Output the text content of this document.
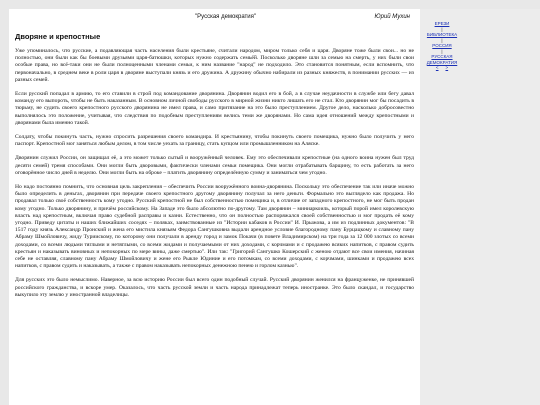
"Русская демократия"	Юрий Мухин
Дворяне и крепостные

Уже упоминалось, что русские, а подавляющая часть населения были крестьяне, считали народом, миром только себя и царя. Дворяне тоже были свои... но не полностью, они были как бы боевыми друзьями царя-батюшки, которых нужно содержать семьёй. Посколько дворяне шли за семью на смерть, у них были свои особые права, но всё-таки они не были полноценными членами семьи, к ним название "народ" не подходило. Это становится понятным, если вспомнить, что первоначально, в среднем веке в роли царя в дворяне выступали князь и его дружина. А дружину обычно набирали из разных княжеств, в понимании русских — из разных семей.

Если русский попадал в армию, то его ставили в строй под командование дворянина. Дворянин водил его в бой, а в случае неудачности в службе или бегу давал команду его выпороть, чтобы не быть наказанным. В основном личной свободы русского в мирной жизни никто лишать его не стал. Кто дворянин мог бы посадить в тюрьму, не судить своего крепостного русского дворянина не имел права, и само притязание на это было преступлением. Другое дело, насколько добросовестно выполнялось это положение, учитывая, что следствия по подобным преступлениям велись теми же дворянами. Но сама идея отношений между крепостными и дворянами была именно такой.

Солдату, чтобы покинуть часть, нужно спросить разрешения своего командира. И крестьянину, чтобы покинуть своего помещика, нужно было получить у него паспорт. Крепостной мог заняться любым делом, в том числе уехать за границу, стать купцом или промышленником на Аляске.

Дворянин служил России, он защищал её, а это может только сытый и вооружённый человек. Ему это обеспечивали крепостные (на одного воина нужен был труд десяти семей) тремя способами. Они могли быть дворовыми, фактически членами семьи помещика. Они могли отрабатывать барщину, то есть работать за него оговорённое число дней в неделю. Они могли быть на оброке – платить дворянину определённую сумму и заниматься чем угодно.

Но надо постоянно помнить, что основная цель закрепления – обеспечить России вооружённого воина-дворянина. Поскольку это обеспечение так или иначе можно было определить в деньгах, дворянин при передаче своего крепостного другому дворянину получал за него деньги. Формально это выглядело как продажа. Но продавал только своё собственность кому угодно. Русский крепостной не был собственностью помещика и, в отличие от западного крепостного, не мог быть продан кому угодно. Только дворянину, и причём российскому. На Западе это было абсолютно по-другому. Там дворянин – миниаркоиль, который порой имел королевскую власть над крепостным, включая право судебной расправы и казни. Естественно, что он полностью распоряжался своей собственностью и мог продать её кому угодно. Приведу цитаты и наших ближайших соседях – поляках, заимствованные из "Истории кабаков в России" И. Прыжова, а им из подлинных документов: "В 1517 году князь Александр Пронский и жена его мистила князьям Федора Сангушковна выдали арендное условие благородному пану Бурцацкому и славному пану Абраму Шмойловичу, жиду Туриискому, по которому они получали в аренду город и замок Покачи (в повете Владимирском) на три года за 12 000 злотых со всеми доходами, со всеми людьми тяглыми и нетяглыми, со всеми жидами и получаемыми от них доходами, с корчмами и с продажею всяких напитков, с правом судить крестьян и наказывать виновных и непокорных по мере вины, даже смертью". Или так: "Григорий Сангушко Кошерский с женою отдают все свои имения, начиная себе не оставляя, славному пану Абраму Шмойловичу и жене его Рыкле Юдиние и его потомкам, со всеми доходами, с корчмами, шинками и продажею всех напитков, с правом судить и наказывать, а также с правом наказывать непокорных денежною пенею и горлом казнью".

Для русских это было немыслимо. Наверное, за всю историю России был всего один подобный случай. Русский дворянин женился на француженке, не принявшей российского гражданства, и вскоре умер. Оказалось, что часть русской земли и часть народа принадлежат теперь иностранке. Это было скандал, и государство выкупило эту землю у иностранной владелицы.

ЕРЕЗИ
|
БИБЛИОТЕКА
|
РОССИЯ
|
РУССКАЯ ДЕМОКРАТИЯ
< >
